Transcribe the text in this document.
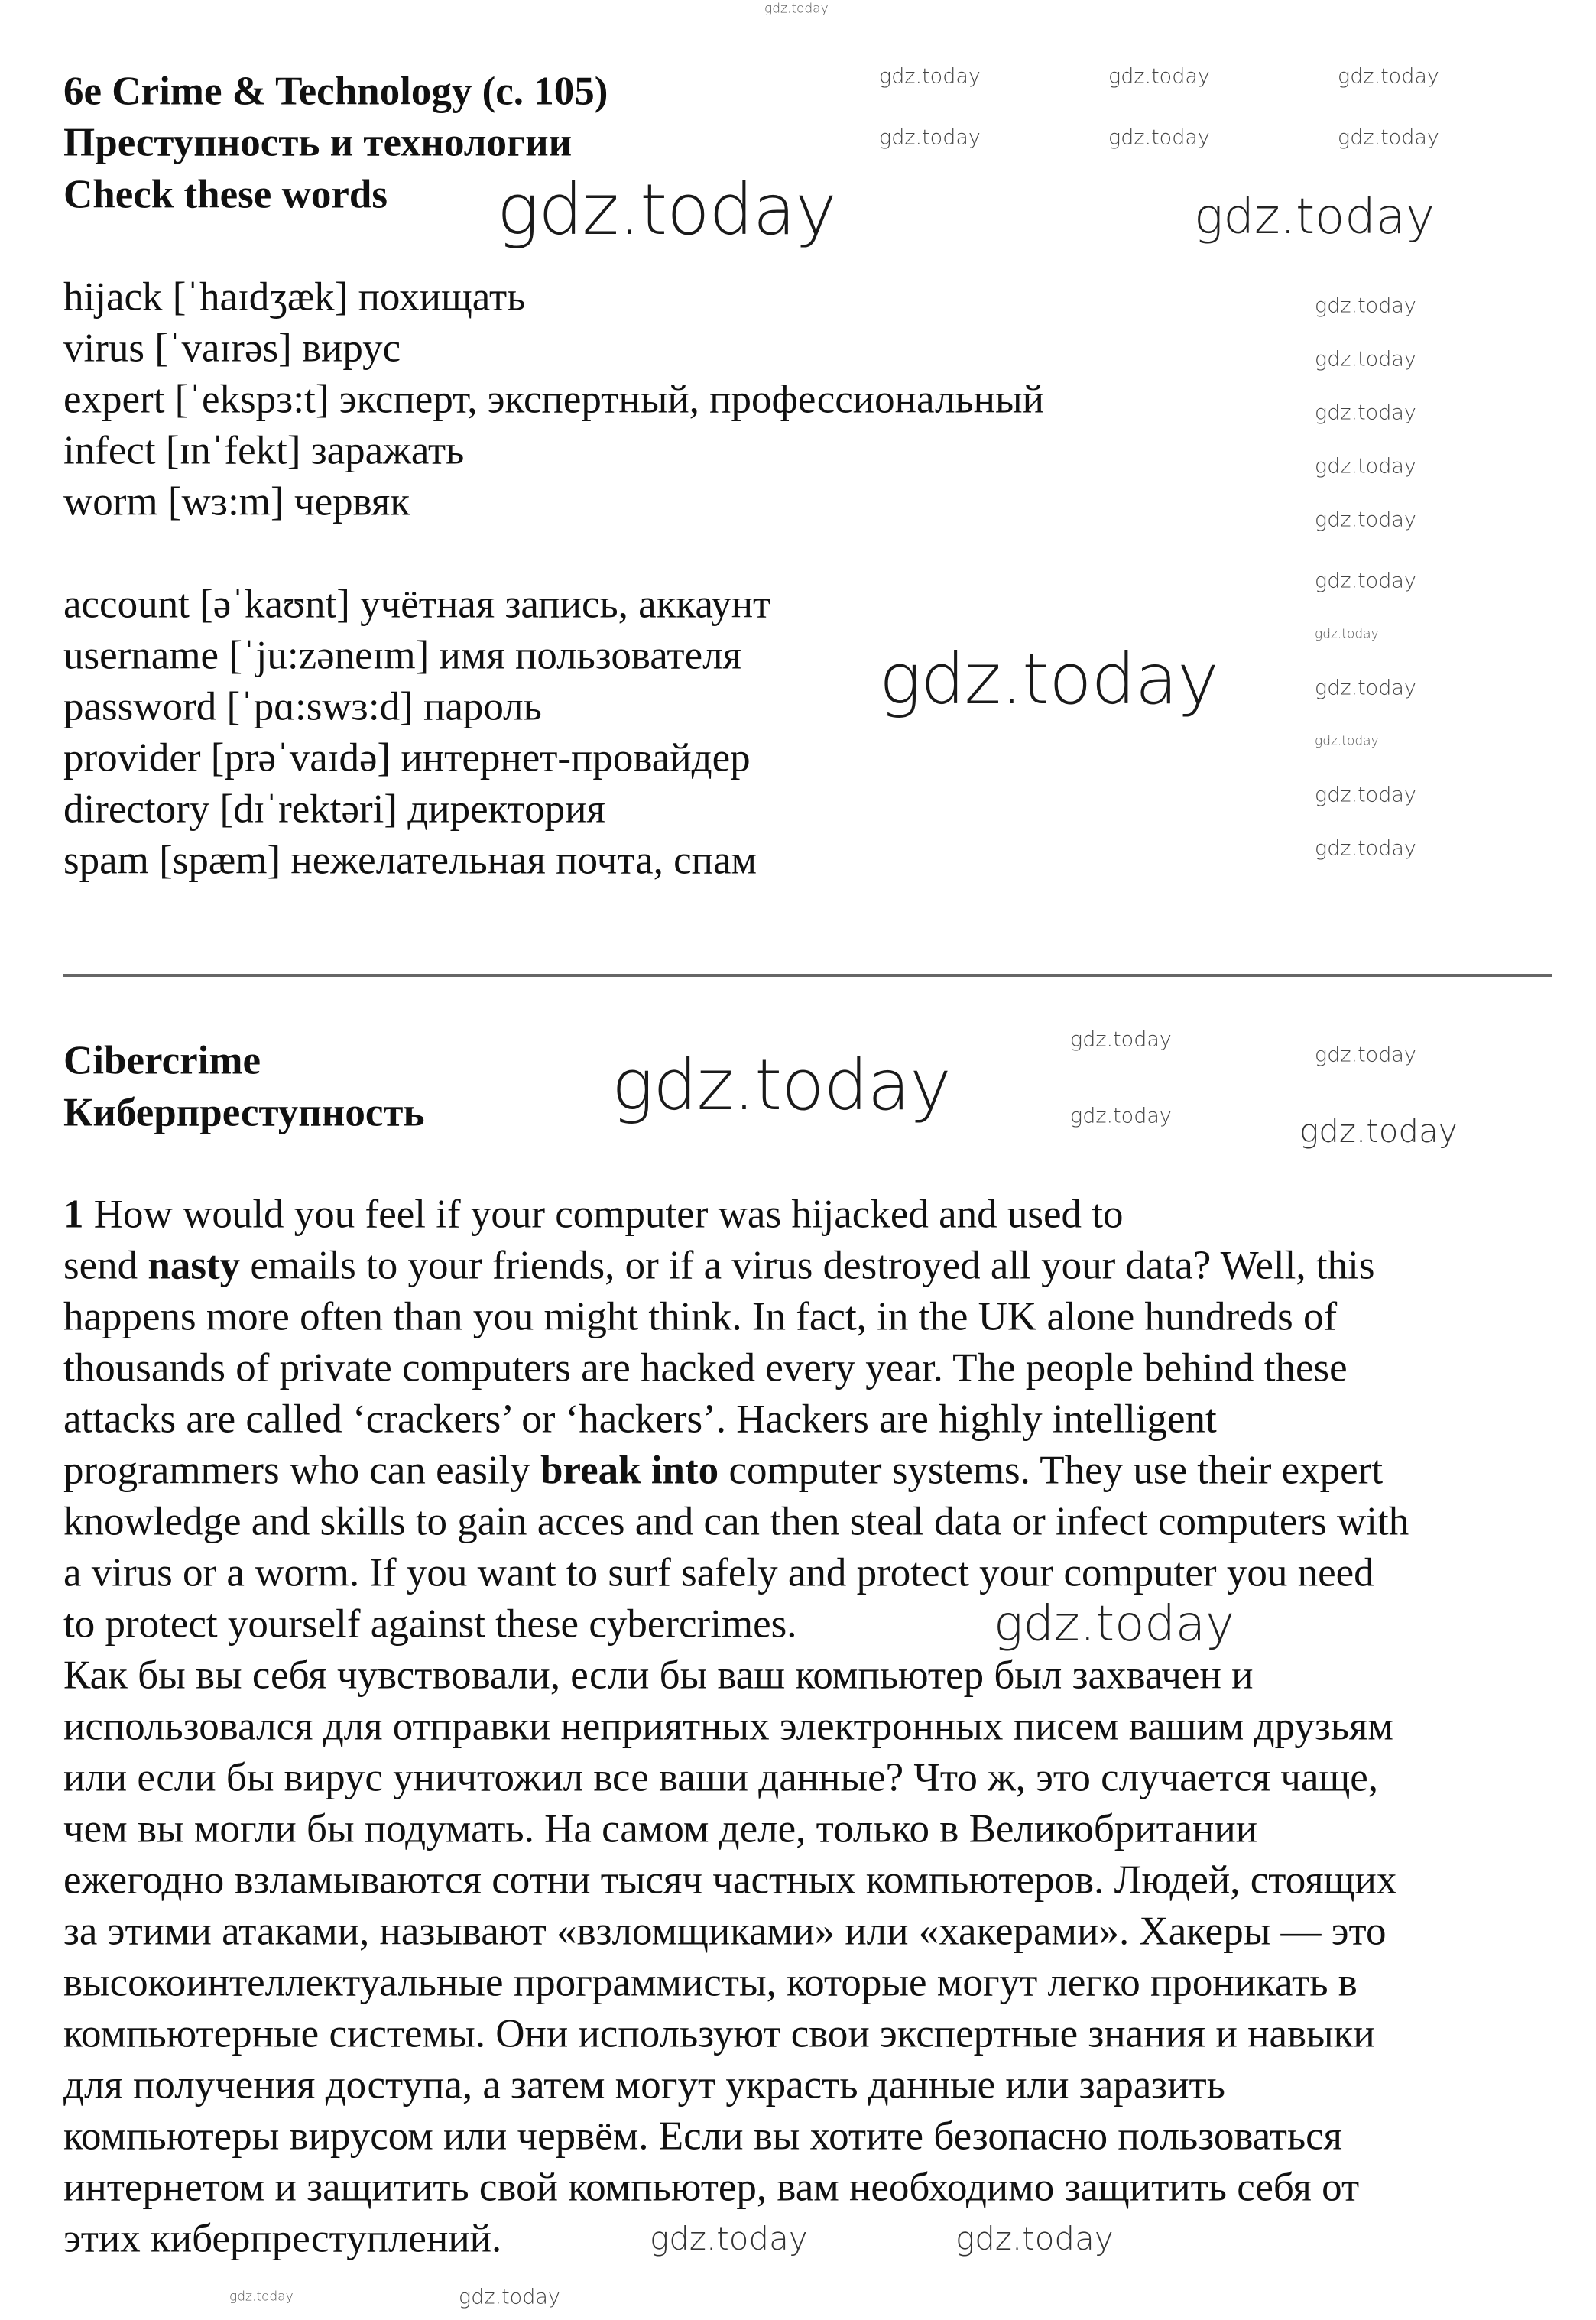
6e Crime & Technology (с. 105)
Преступность и технологии
Check these words
hijack [ˈhaɪdʒæk] похищать
virus [ˈvaɪrəs] вирус
expert [ˈekspɜ:t] эксперт, экспертный, профессиональный
infect [ɪnˈfekt] заражать
worm [wɜ:m] червяк
account [əˈkaʊnt] учётная запись, аккаунт
username [ˈju:zəneɪm] имя пользователя
password [ˈpɑ:swɜ:d] пароль
provider [prəˈvaɪdə] интернет-провайдер
directory [dɪˈrektəri] директория
spam [spæm] нежелательная почта, спам
Cibercrime
Киберпреступность
1 How would you feel if your computer was hijacked and used to
send nasty emails to your friends, or if a virus destroyed all your data? Well, this
happens more often than you might think. In fact, in the UK alone hundreds of
thousands of private computers are hacked every year. The people behind these
attacks are called ‘crackers’ or ‘hackers’. Hackers are highly intelligent
programmers who can easily break into computer systems. They use their expert
knowledge and skills to gain acces and can then steal data or infect computers with
a virus or a worm. If you want to surf safely and protect your computer you need
to protect yourself against these cybercrimes.
Как бы вы себя чувствовали, если бы ваш компьютер был захвачен и
использовался для отправки неприятных электронных писем вашим друзьям
или если бы вирус уничтожил все ваши данные? Что ж, это случается чаще,
чем вы могли бы подумать. На самом деле, только в Великобритании
ежегодно взламываются сотни тысяч частных компьютеров. Людей, стоящих
за этими атаками, называют «взломщиками» или «хакерами». Хакеры — это
высокоинтеллектуальные программисты, которые могут легко проникать в
компьютерные системы. Они используют свои экспертные знания и навыки
для получения доступа, а затем могут украсть данные или заразить
компьютеры вирусом или червём. Если вы хотите безопасно пользоваться
интернетом и защитить свой компьютер, вам необходимо защитить себя от
этих киберпреступлений.
gdz.today
gdz.today	gdz.today
gdz.today
gdz.today
gdz.today
gdz.today
gdz.today
gdz.today
gdz.today
gdz.today
gdz.today
gdz.today
gdz.today
gdz.today
gdz.today
gdz.today
gdz.today
gdz.today	gdz.today	gdz.today
gdz.today	gdz.today	gdz.today
gdz.today
gdz.today	gdz.today
gdz.today	gdz.today
gdz.today	gdz.today
